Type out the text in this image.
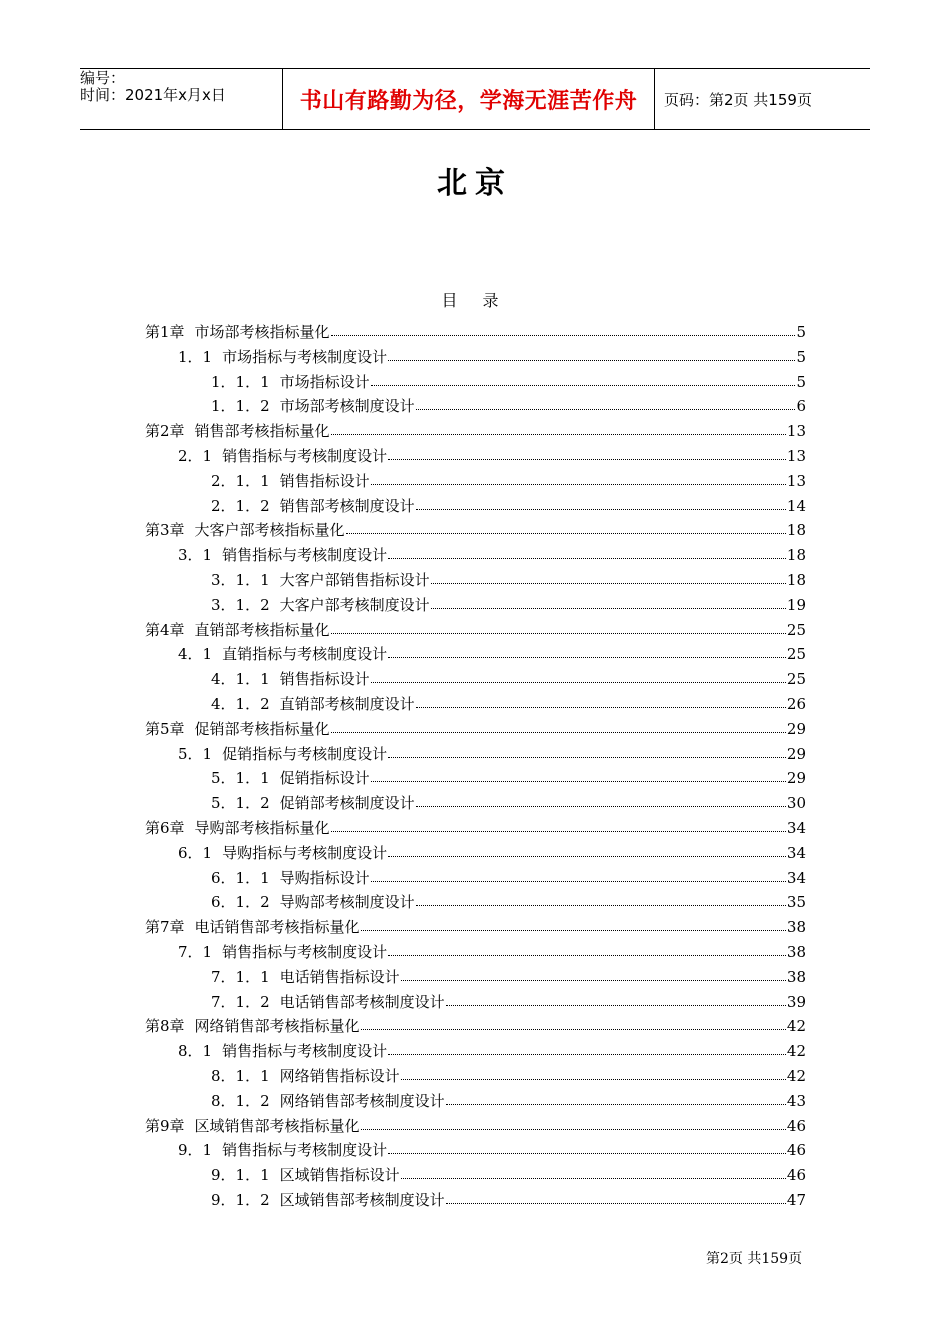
编号：
时间：2021年x月x日	书山有路勤为径，学海无涯苦作舟	页码：第2页 共159页
北京
目 录
第1章 市场部考核指标量化	5
1．1 市场指标与考核制度设计	5
1．1．1 市场指标设计	5
1．1．2 市场部考核制度设计	6
第2章 销售部考核指标量化	13
2．1 销售指标与考核制度设计	13
2．1．1 销售指标设计	13
2．1．2 销售部考核制度设计	14
第3章 大客户部考核指标量化	18
3．1 销售指标与考核制度设计	18
3．1．1 大客户部销售指标设计	18
3．1．2 大客户部考核制度设计	19
第4章 直销部考核指标量化	25
4．1 直销指标与考核制度设计	25
4．1．1 销售指标设计	25
4．1．2 直销部考核制度设计	26
第5章 促销部考核指标量化	29
5．1 促销指标与考核制度设计	29
5．1．1 促销指标设计	29
5．1．2 促销部考核制度设计	30
第6章 导购部考核指标量化	34
6．1 导购指标与考核制度设计	34
6．1．1 导购指标设计	34
6．1．2 导购部考核制度设计	35
第7章 电话销售部考核指标量化	38
7．1 销售指标与考核制度设计	38
7．1．1 电话销售指标设计	38
7．1．2 电话销售部考核制度设计	39
第8章 网络销售部考核指标量化	42
8．1 销售指标与考核制度设计	42
8．1．1 网络销售指标设计	42
8．1．2 网络销售部考核制度设计	43
第9章 区域销售部考核指标量化	46
9．1 销售指标与考核制度设计	46
9．1．1 区域销售指标设计	46
9．1．2 区域销售部考核制度设计	47
第2页 共159页
